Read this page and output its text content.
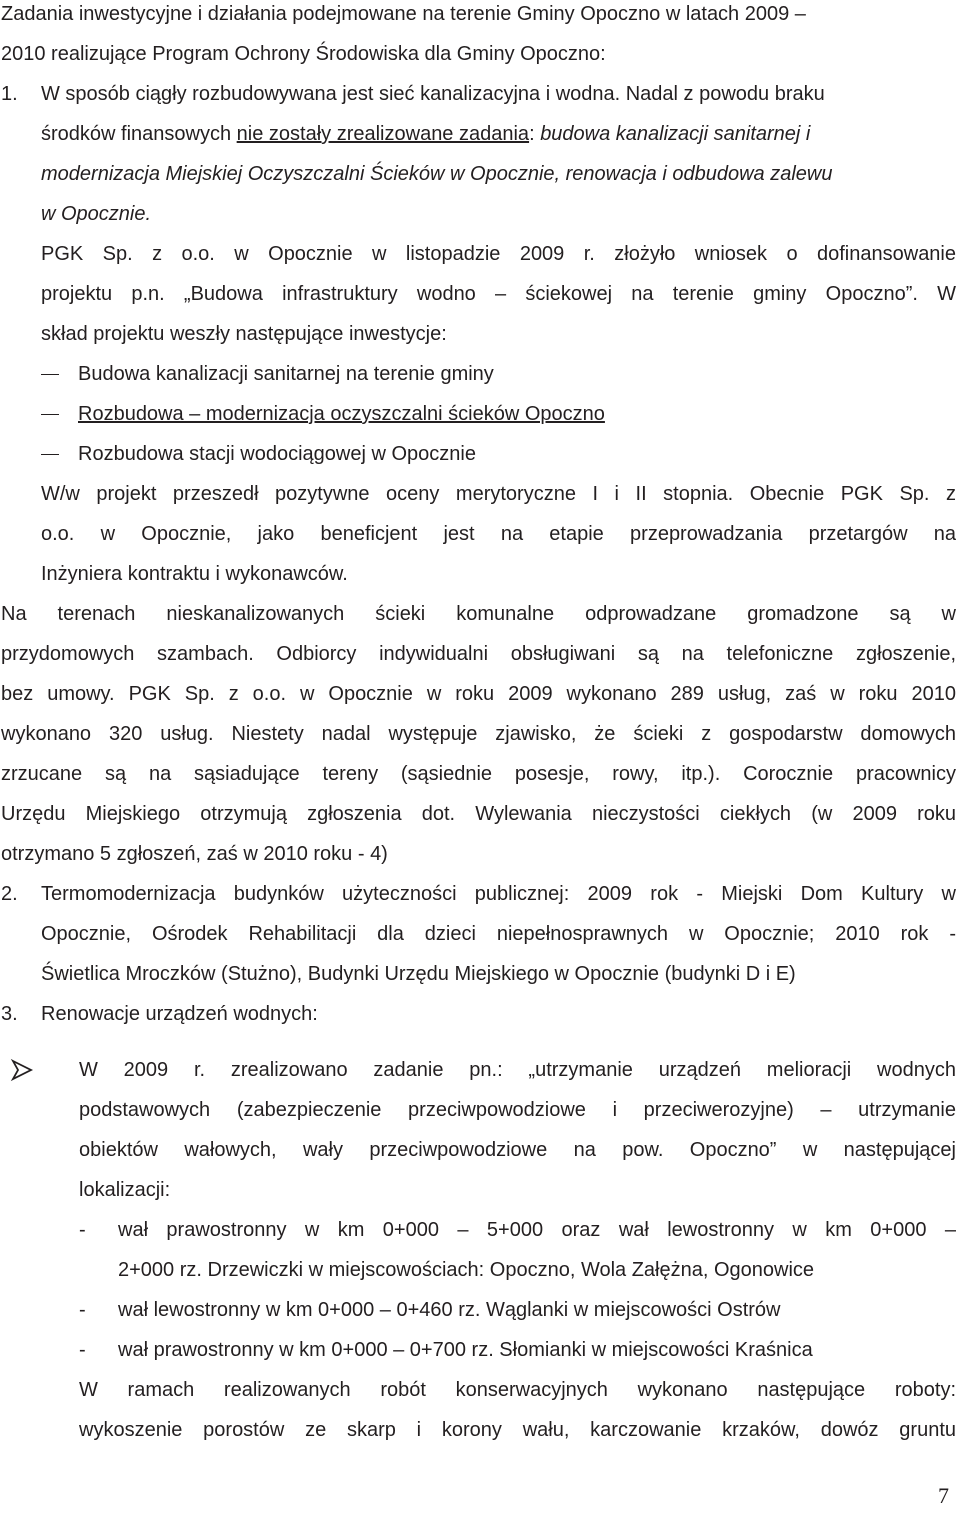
Zadania inwestycyjne i działania podejmowane na terenie Gminy Opoczno w latach 2009 –
2010 realizujące Program Ochrony Środowiska dla Gminy Opoczno:
1. W sposób ciągły rozbudowywana jest sieć kanalizacyjna i wodna. Nadal z powodu braku
środków finansowych nie zostały zrealizowane zadania: budowa kanalizacji sanitarnej i
modernizacja Miejskiej Oczyszczalni Ścieków w Opocznie, renowacja i odbudowa zalewu
w Opocznie.
PGK Sp. z o.o. w Opocznie w listopadzie 2009 r. złożyło wniosek o dofinansowanie
projektu p.n. „Budowa infrastruktury wodno – ściekowej na terenie gminy Opoczno”. W
skład projektu weszły następujące inwestycje:
Budowa kanalizacji sanitarnej na terenie gminy
Rozbudowa – modernizacja oczyszczalni ścieków Opoczno
Rozbudowa stacji wodociągowej w Opocznie
W/w projekt przeszedł pozytywne oceny merytoryczne I i II stopnia. Obecnie PGK Sp. z
o.o. w Opocznie, jako beneficjent jest na etapie przeprowadzania przetargów na
Inżyniera kontraktu i wykonawców.
Na terenach nieskanalizowanych ścieki komunalne odprowadzane gromadzone są w
przydomowych szambach. Odbiorcy indywidualni obsługiwani są na telefoniczne zgłoszenie,
bez umowy. PGK Sp. z o.o. w Opocznie w roku 2009 wykonano 289 usług, zaś w roku 2010
wykonano 320 usług. Niestety nadal występuje zjawisko, że ścieki z gospodarstw domowych
zrzucane są na sąsiadujące tereny (sąsiednie posesje, rowy, itp.). Corocznie pracownicy
Urzędu Miejskiego otrzymują zgłoszenia dot. Wylewania nieczystości ciekłych (w 2009 roku
otrzymano 5 zgłoszeń, zaś w 2010 roku - 4)
2. Termomodernizacja budynków użyteczności publicznej: 2009 rok - Miejski Dom Kultury w
Opocznie, Ośrodek Rehabilitacji dla dzieci niepełnosprawnych w Opocznie; 2010 rok -
Świetlica Mroczków (Stużno), Budynki Urzędu Miejskiego w Opocznie (budynki D i E)
3. Renowacje urządzeń wodnych:
W 2009 r. zrealizowano zadanie pn.: „utrzymanie urządzeń melioracji wodnych
podstawowych (zabezpieczenie przeciwpowodziowe i przeciwerozyjne) – utrzymanie
obiektów wałowych, wały przeciwpowodziowe na pow. Opoczno” w następującej
lokalizacji:
- wał prawostronny w km 0+000 – 5+000 oraz wał lewostronny w km 0+000 –
2+000 rz. Drzewiczki w miejscowościach: Opoczno, Wola Załężna, Ogonowice
- wał lewostronny w km 0+000 – 0+460 rz. Wąglanki w miejscowości Ostrów
- wał prawostronny w km 0+000 – 0+700 rz. Słomianki w miejscowości Kraśnica
W ramach realizowanych robót konserwacyjnych wykonano następujące roboty:
wykoszenie porostów ze skarp i korony wału, karczowanie krzaków, dowóz gruntu
7
